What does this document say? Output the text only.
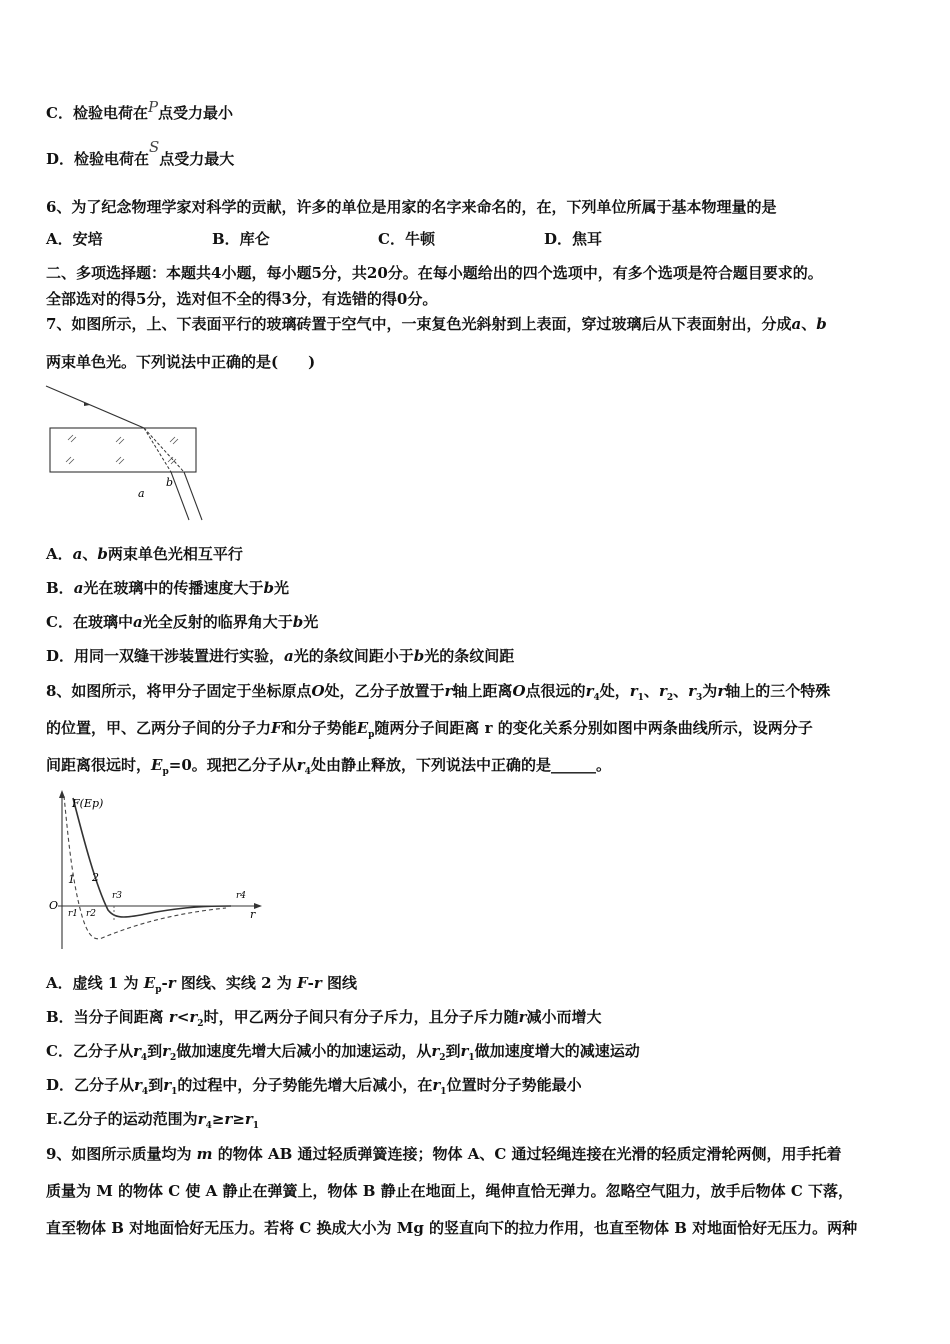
C．检验电荷在P点受力最小
D．检验电荷在S点受力最大
6、为了纪念物理学家对科学的贡献，许多的单位是用家的名字来命名的，在，下列单位所属于基本物理量的是
A．安培	B．库仑	C．牛顿	D．焦耳
二、多项选择题：本题共4小题，每小题5分，共20分。在每小题给出的四个选项中，有多个选项是符合题目要求的。
全部选对的得5分，选对但不全的得3分，有选错的得0分。
7、如图所示，上、下表面平行的玻璃砖置于空气中，一束复色光斜射到上表面，穿过玻璃后从下表面射出，分成a、b
两束单色光。下列说法中正确的是(　　)
a
b
A．a、b两束单色光相互平行
B．a光在玻璃中的传播速度大于b光
C．在玻璃中a光全反射的临界角大于b光
D．用同一双缝干涉装置进行实验，a光的条纹间距小于b光的条纹间距
8、如图所示，将甲分子固定于坐标原点O处，乙分子放置于r轴上距离O点很远的$r_4$处，$r_1$、$r_2$、$r_3$为r轴上的三个特殊
的位置，甲、乙两分子间的分子力F和分子势能$E_p$随两分子间距离 r 的变化关系分别如图中两条曲线所示，设两分子
间距离很远时，$E_p=0$。现把乙分子从$r_4$处由静止释放，下列说法中正确的是______。
F(Ep)
O
r
1 2
r1 r2
r3	r4
A．虚线 1 为 $E_p-r$ 图线、实线 2 为 F-r 图线
B．当分子间距离 $r<r_2$时，甲乙两分子间只有分子斥力，且分子斥力随r减小而增大
C．乙分子从$r_4$到$r_2$做加速度先增大后减小的加速运动，从$r_2$到$r_1$做加速度增大的减速运动
D．乙分子从$r_4$到$r_1$的过程中，分子势能先增大后减小，在$r_1$位置时分子势能最小
E.乙分子的运动范围为$r_4\ge r\ge r_1$
9、如图所示质量均为 m 的物体 AB 通过轻质弹簧连接；物体 A、C 通过轻绳连接在光滑的轻质定滑轮两侧，用手托着
质量为 M 的物体 C 使 A 静止在弹簧上，物体 B 静止在地面上，绳伸直恰无弹力。忽略空气阻力，放手后物体 C 下落，
直至物体 B 对地面恰好无压力。若将 C 换成大小为 Mg 的竖直向下的拉力作用，也直至物体 B 对地面恰好无压力。两种
